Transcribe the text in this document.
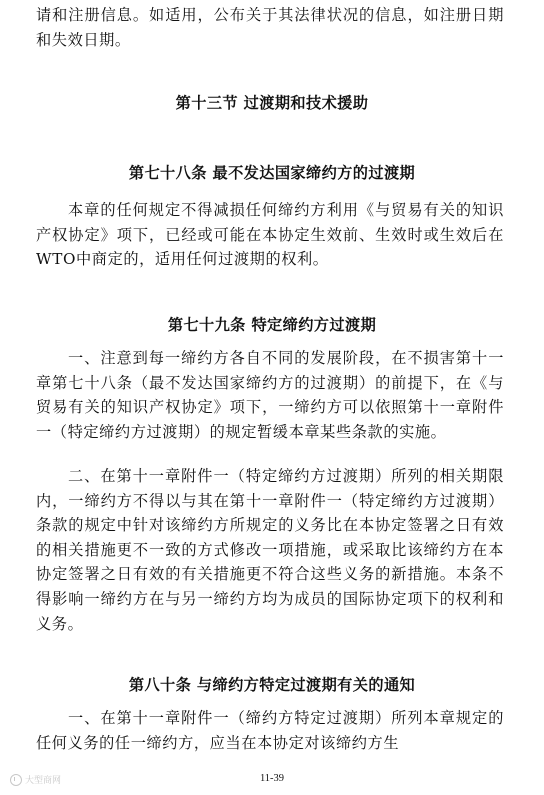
请和注册信息。如适用，公布关于其法律状况的信息，如注册日期和失效日期。

第十三节 过渡期和技术援助
第七十八条 最不发达国家缔约方的过渡期

本章的任何规定不得减损任何缔约方利用《与贸易有关的知识产权协定》项下，已经或可能在本协定生效前、生效时或生效后在WTO中商定的，适用任何过渡期的权利。

第七十九条 特定缔约方过渡期

一、注意到每一缔约方各自不同的发展阶段，在不损害第十一章第七十八条（最不发达国家缔约方的过渡期）的前提下，在《与贸易有关的知识产权协定》项下，一缔约方可以依照第十一章附件一（特定缔约方过渡期）的规定暂缓本章某些条款的实施。

二、在第十一章附件一（特定缔约方过渡期）所列的相关期限内，一缔约方不得以与其在第十一章附件一（特定缔约方过渡期）条款的规定中针对该缔约方所规定的义务比在本协定签署之日有效的相关措施更不一致的方式修改一项措施，或采取比该缔约方在本协定签署之日有效的有关措施更不符合这些义务的新措施。本条不得影响一缔约方在与另一缔约方均为成员的国际协定项下的权利和义务。

第八十条 与缔约方特定过渡期有关的通知

一、在第十一章附件一（缔约方特定过渡期）所列本章规定的任何义务的任一缔约方，应当在本协定对该缔约方生

大型商网	11-39
